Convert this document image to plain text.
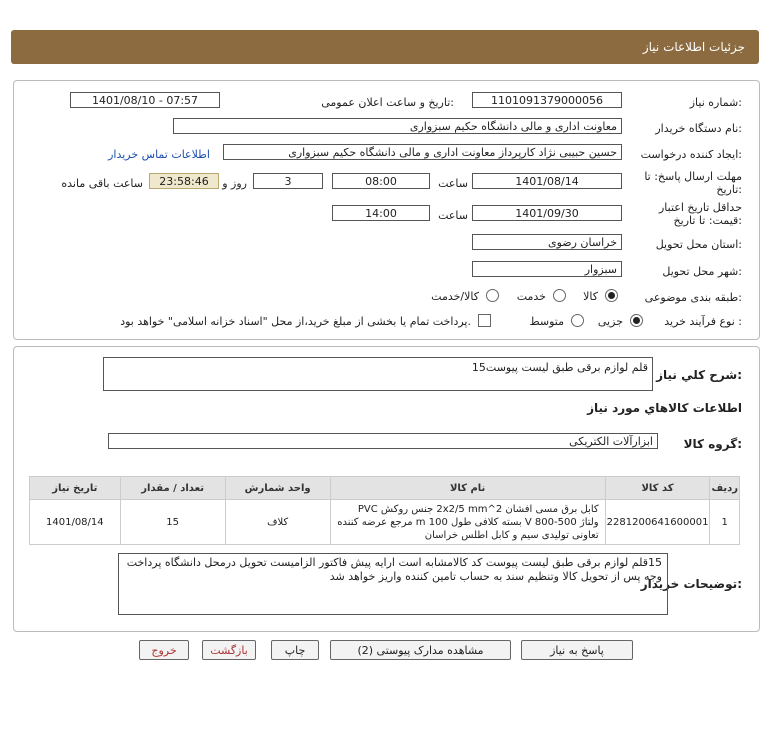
جزئیات اطلاعات نیاز
شماره نیاز:
1101091379000056
تاریخ و ساعت اعلان عمومی:
1401/08/10 - 07:57
نام دستگاه خریدار:
معاونت اداری و مالی دانشگاه حکیم سبزواری
ایجاد کننده درخواست:
حسین حبیبی نژاد کارپرداز معاونت اداری و مالی دانشگاه حکیم سبزواری
اطلاعات تماس خریدار
مهلت ارسال پاسخ: تا
تاریخ:
1401/08/14
ساعت
08:00
3
روز و
23:58:46
ساعت باقی مانده
حداقل تاریخ اعتبار
قیمت: تا تاریخ:
1401/09/30
ساعت
14:00
استان محل تحویل:
خراسان رضوی
شهر محل تحویل:
سبزوار
طبقه بندی موضوعی:
کالا
خدمت
کالا/خدمت
نوع فرآیند خرید :
جزیی
متوسط
پرداخت تمام یا بخشی از مبلغ خرید،از محل "اسناد خزانه اسلامی" خواهد بود.
شرح کلي نياز:
15قلم لوازم برقی طبق لیست پیوست
اطلاعات كالاهاي مورد نياز
گروه کالا:
ابزارآلات الکتریکی
ردیف	کد کالا	نام کالا	واحد شمارش	تعداد / مقدار	تاریخ نیاز
1	2281200641600001	کابل برق مسی افشان 2^2x2/5 mm جنس روکش PVC ولتاژ 500-800 V بسته کلافی طول 100 m مرجع عرضه کننده تعاونی تولیدی سیم و کابل اطلس خراسان	کلاف	15	1401/08/14
توضیحات خریدار:
15قلم لوازم برقی طبق لیست پیوست کد کالامشابه است ارایه پیش فاکتور الزامیست تحویل درمحل دانشگاه پرداخت وجه پس از تحویل کالا وتنظیم سند به حساب تامین کننده واریز خواهد شد
پاسخ به نیاز
مشاهده مدارک پیوستی (2)
چاپ
بازگشت
خروج
